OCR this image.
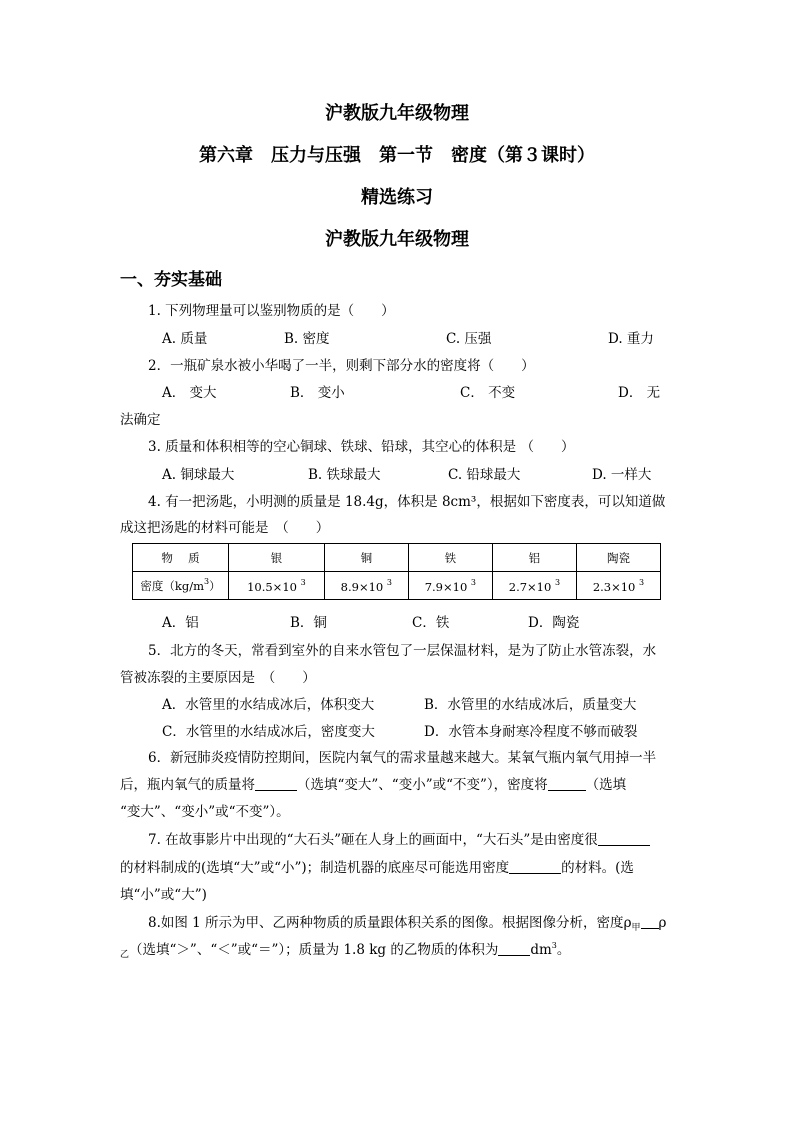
沪教版九年级物理
第六章　压力与压强　第一节　密度（第３课时）
精选练习
沪教版九年级物理
一、夯实基础
1. 下列物理量可以鉴别物质的是（　　）
A. 质量	B. 密度	C. 压强	D. 重力
2．一瓶矿泉水被小华喝了一半，则剩下部分水的密度将（　　）
A． 变大	B． 变小	C． 不变	D． 无
法确定
3. 质量和体积相等的空心铜球、铁球、铅球，其空心的体积是 （　　）
A. 铜球最大	B. 铁球最大	C. 铅球最大	D. 一样大
4. 有一把汤匙，小明测的质量是 18.4g，体积是 8cm³，根据如下密度表，可以知道做
成这把汤匙的材料可能是　（　　）
物　 质	银	铜	铁	铝	陶瓷
密度$(kg/m^3)$	10.5×10 $^3$	8.9×10 $^3$	7.9×10 $^3$	2.7×10 $^3$	2.3×10 $^3$
A．铝	B．铜	C．铁	D．陶瓷
5．北方的冬天，常看到室外的自来水管包了一层保温材料，是为了防止水管冻裂，水
管被冻裂的主要原因是　（　　）
A．水管里的水结成冰后，体积变大	B．水管里的水结成冰后，质量变大
C．水管里的水结成冰后，密度变大	D．水管本身耐寒冷程度不够而破裂
6．新冠肺炎疫情防控期间，医院内氧气的需求量越来越大。某氧气瓶内氧气用掉一半
后，瓶内氧气的质量将	（选填“变大”、“变小”或“不变”），密度将	（选填
“变大”、“变小”或“不变”）。
7. 在故事影片中出现的“大石头”砸在人身上的画面中，“大石头”是由密度很
的材料制成的(选填“大”或“小”)；制造机器的底座尽可能选用密度	的材料。(选
填“小”或“大”)
8.如图 1 所示为甲、乙两种物质的质量跟体积关系的图像。根据图像分析，密度$\rho_甲$ ρ
$_乙$（选填“＞”、“＜”或“＝”）；质量为 1.8 kg 的乙物质的体积为 $dm^3$。
